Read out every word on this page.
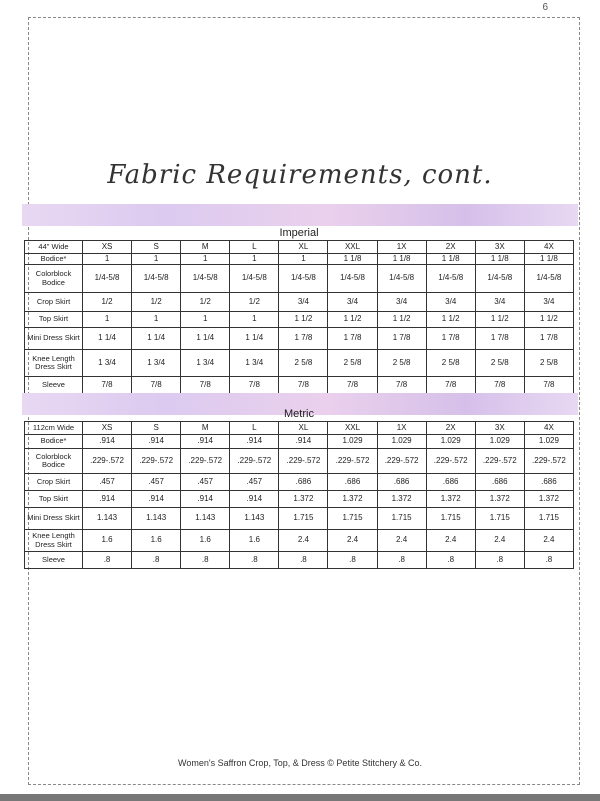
6
Fabric Requirements, cont.
Imperial										
44" Wide	XS	S	M	L	XL	XXL	1X	2X	3X	4X
Bodice*	1	1	1	1	1	1 1/8	1 1/8	1 1/8	1 1/8	1 1/8
Colorblock Bodice	1/4-5/8	1/4-5/8	1/4-5/8	1/4-5/8	1/4-5/8	1/4-5/8	1/4-5/8	1/4-5/8	1/4-5/8	1/4-5/8
Crop Skirt	1/2	1/2	1/2	1/2	3/4	3/4	3/4	3/4	3/4	3/4
Top Skirt	1	1	1	1	1 1/2	1 1/2	1 1/2	1 1/2	1 1/2	1 1/2
Mini Dress Skirt	1 1/4	1 1/4	1 1/4	1 1/4	1 7/8	1 7/8	1 7/8	1 7/8	1 7/8	1 7/8
Knee Length Dress Skirt	1 3/4	1 3/4	1 3/4	1 3/4	2 5/8	2 5/8	2 5/8	2 5/8	2 5/8	2 5/8
Sleeve	7/8	7/8	7/8	7/8	7/8	7/8	7/8	7/8	7/8	7/8
Metric										
112cm Wide	XS	S	M	L	XL	XXL	1X	2X	3X	4X
Bodice*	.914	.914	.914	.914	.914	1.029	1.029	1.029	1.029	1.029
Colorblock Bodice	.229-.572	.229-.572	.229-.572	.229-.572	.229-.572	.229-.572	.229-.572	.229-.572	.229-.572	.229-.572
Crop Skirt	.457	.457	.457	.457	.686	.686	.686	.686	.686	.686
Top Skirt	.914	.914	.914	.914	1.372	1.372	1.372	1.372	1.372	1.372
Mini Dress Skirt	1.143	1.143	1.143	1.143	1.715	1.715	1.715	1.715	1.715	1.715
Knee Length Dress Skirt	1.6	1.6	1.6	1.6	2.4	2.4	2.4	2.4	2.4	2.4
Sleeve	.8	.8	.8	.8	.8	.8	.8	.8	.8	.8
Women's Saffron Crop, Top, & Dress © Petite Stitchery & Co.
